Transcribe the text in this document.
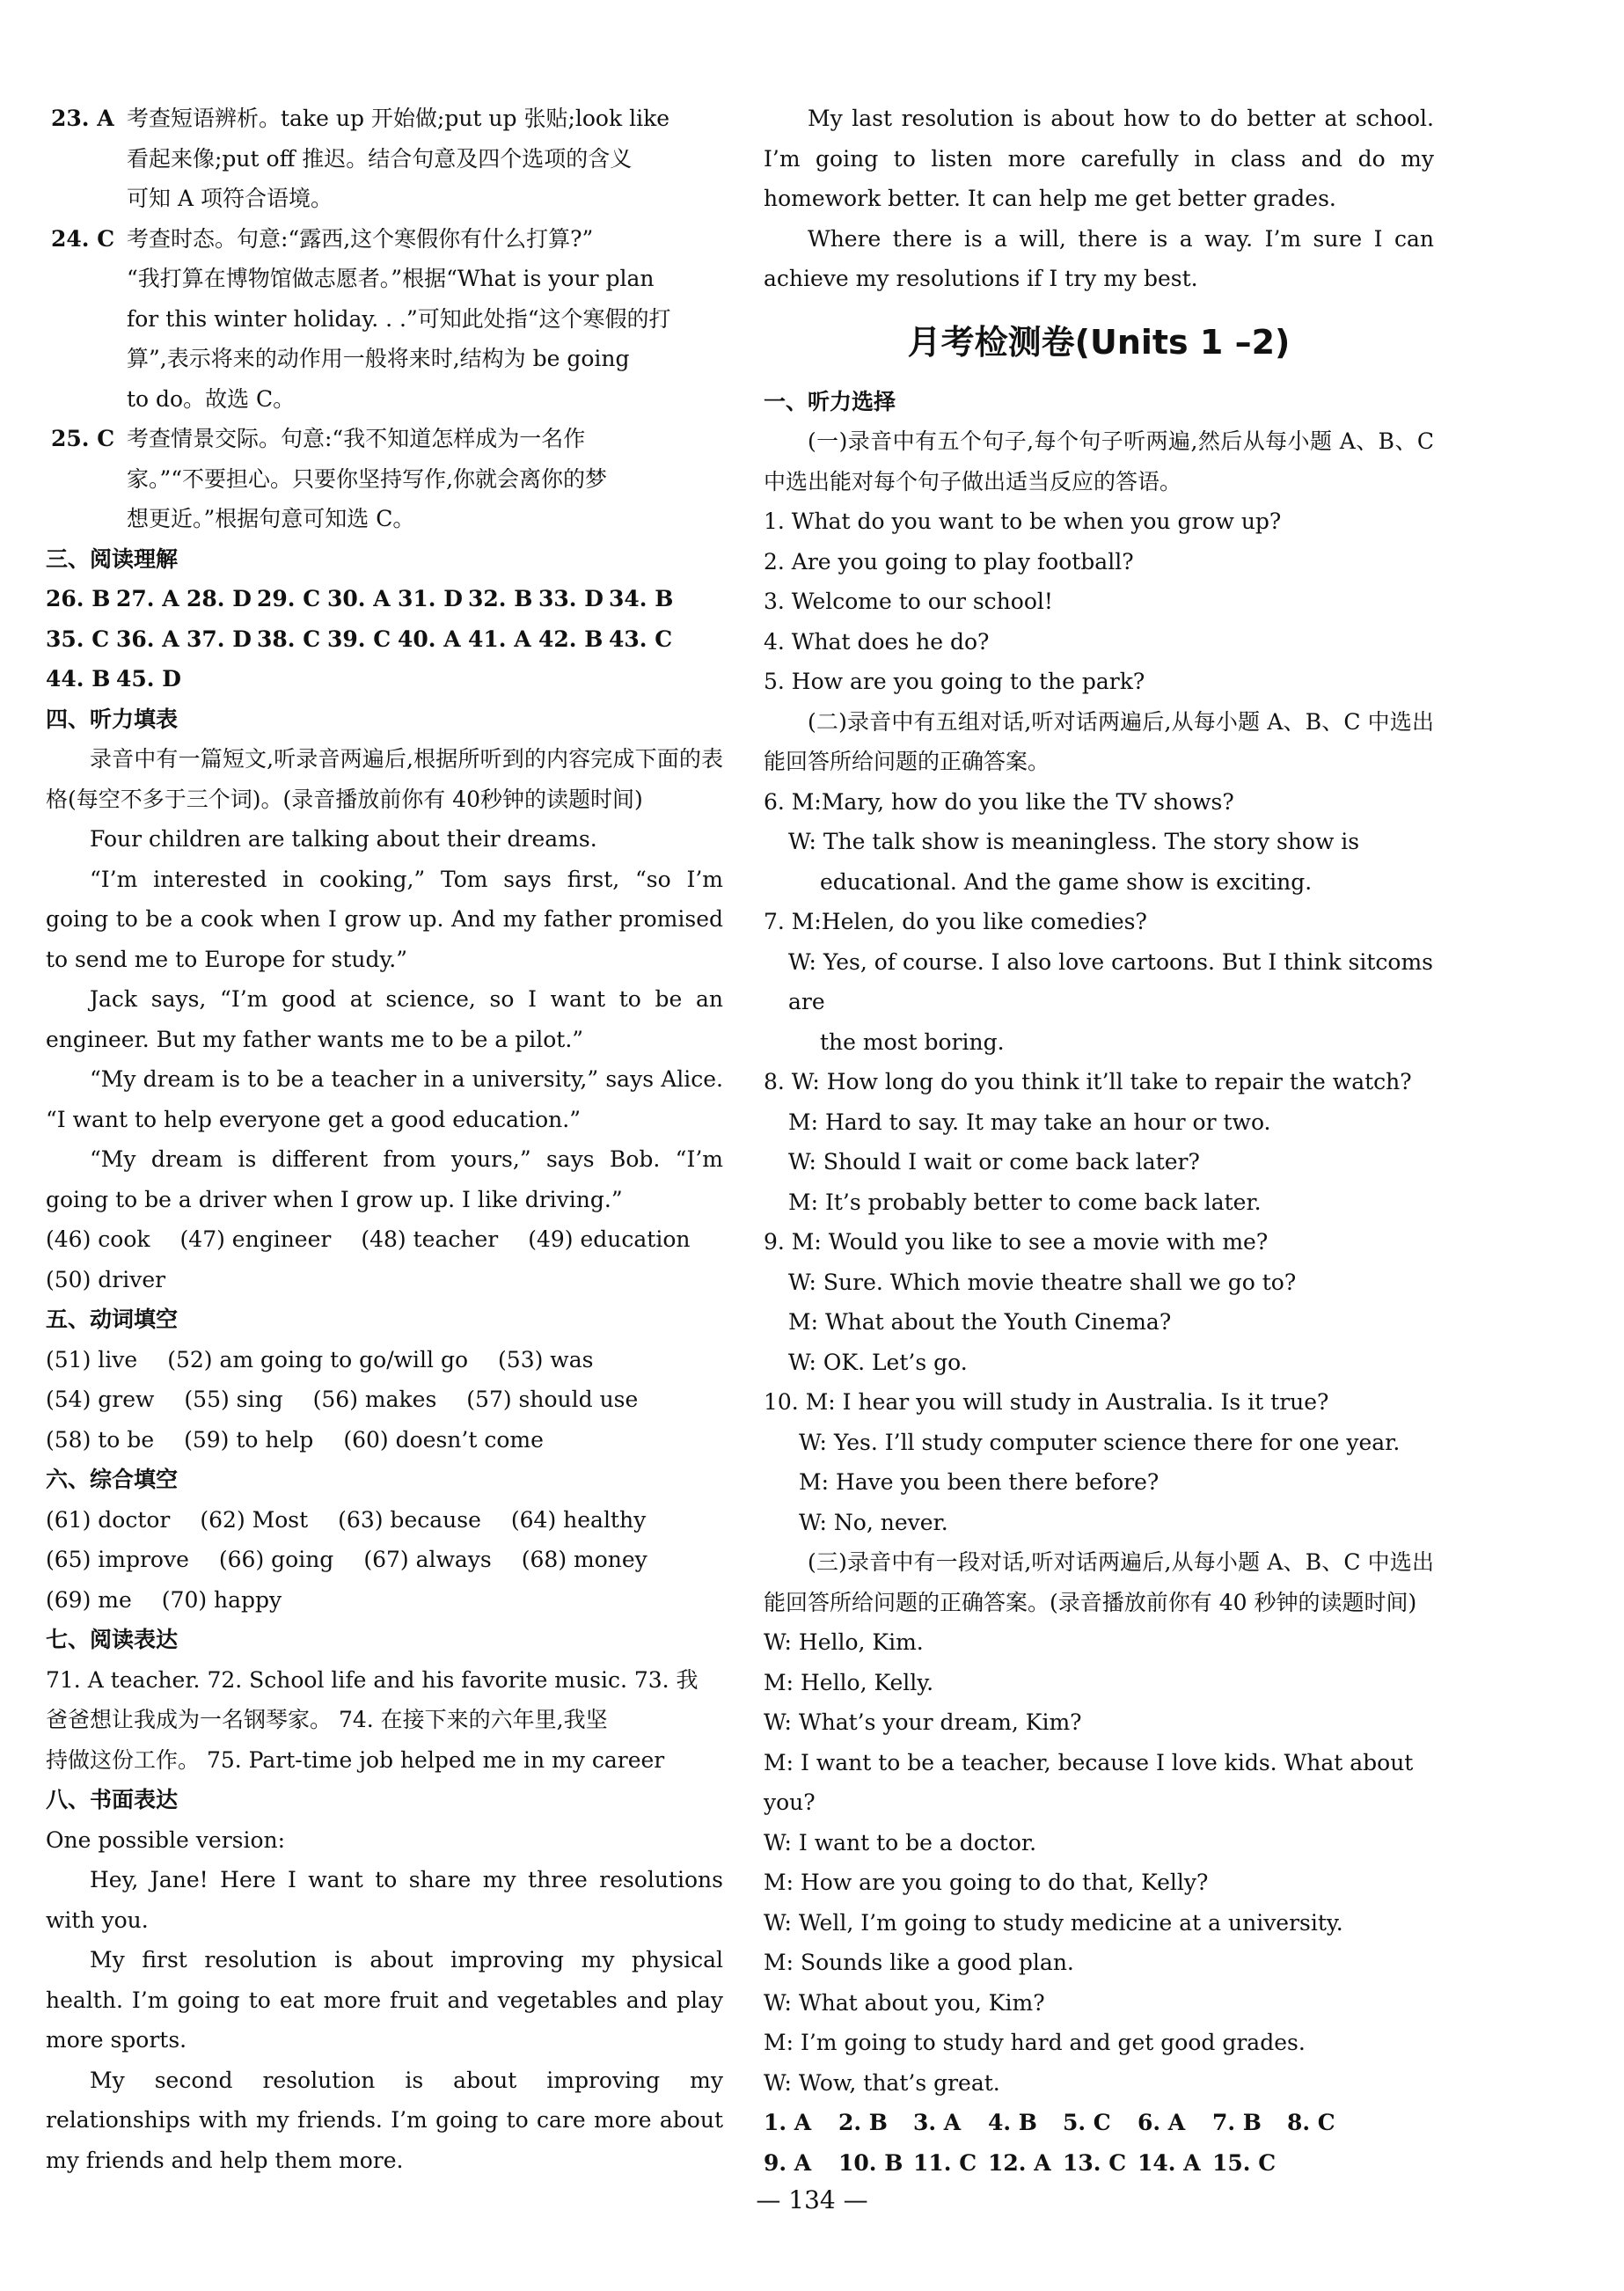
23. A 考查短语辨析。take up 开始做;put up 张贴;look like
看起来像;put off 推迟。结合句意及四个选项的含义
可知 A 项符合语境。
24. C 考查时态。句意:“露西,这个寒假你有什么打算?”
“我打算在博物馆做志愿者。”根据“What is your plan
for this winter holiday. . .”可知此处指“这个寒假的打
算”,表示将来的动作用一般将来时,结构为 be going
to do。故选 C。
25. C 考查情景交际。句意:“我不知道怎样成为一名作
家。”“不要担心。只要你坚持写作,你就会离你的梦
想更近。”根据句意可知选 C。
三、阅读理解
26. B 27. A 28. D 29. C 30. A 31. D 32. B 33. D 34. B
35. C 36. A 37. D 38. C 39. C 40. A 41. A 42. B 43. C
44. B 45. D
四、听力填表
录音中有一篇短文,听录音两遍后,根据所听到的内容完成下面的表格(每空不多于三个词)。(录音播放前你有 40秒钟的读题时间)
Four children are talking about their dreams.
“I’m interested in cooking,” Tom says first, “so I’m going to be a cook when I grow up. And my father promised to send me to Europe for study.”
Jack says, “I’m good at science, so I want to be an engineer. But my father wants me to be a pilot.”
“My dream is to be a teacher in a university,” says Alice. “I want to help everyone get a good education.”
“My dream is different from yours,” says Bob. “I’m going to be a driver when I grow up. I like driving.”
(46) cook (47) engineer (48) teacher (49) education
(50) driver
五、动词填空
(51) live (52) am going to go/will go (53) was
(54) grew (55) sing (56) makes (57) should use
(58) to be (59) to help (60) doesn’t come
六、综合填空
(61) doctor (62) Most (63) because (64) healthy
(65) improve (66) going (67) always (68) money
(69) me (70) happy
七、阅读表达
71. A teacher. 72. School life and his favorite music. 73. 我
爸爸想让我成为一名钢琴家。 74. 在接下来的六年里,我坚
持做这份工作。 75. Part-time job helped me in my career
八、书面表达
One possible version:
Hey, Jane! Here I want to share my three resolutions with you.
My first resolution is about improving my physical health. I’m going to eat more fruit and vegetables and play more sports.
My second resolution is about improving my relationships with my friends. I’m going to care more about my friends and help them more.
My last resolution is about how to do better at school. I’m going to listen more carefully in class and do my homework better. It can help me get better grades.
Where there is a will, there is a way. I’m sure I can achieve my resolutions if I try my best.
月考检测卷(Units 1 –2)
一、听力选择
(一)录音中有五个句子,每个句子听两遍,然后从每小题 A、B、C 中选出能对每个句子做出适当反应的答语。
1. What do you want to be when you grow up?
2. Are you going to play football?
3. Welcome to our school!
4. What does he do?
5. How are you going to the park?
(二)录音中有五组对话,听对话两遍后,从每小题 A、B、C 中选出能回答所给问题的正确答案。
6. M:Mary, how do you like the TV shows?
W: The talk show is meaningless. The story show is
educational. And the game show is exciting.
7. M:Helen, do you like comedies?
W: Yes, of course. I also love cartoons. But I think sitcoms are
the most boring.
8. W: How long do you think it’ll take to repair the watch?
M: Hard to say. It may take an hour or two.
W: Should I wait or come back later?
M: It’s probably better to come back later.
9. M: Would you like to see a movie with me?
W: Sure. Which movie theatre shall we go to?
M: What about the Youth Cinema?
W: OK. Let’s go.
10. M: I hear you will study in Australia. Is it true?
W: Yes. I’ll study computer science there for one year.
M: Have you been there before?
W: No, never.
(三)录音中有一段对话,听对话两遍后,从每小题 A、B、C 中选出能回答所给问题的正确答案。(录音播放前你有 40 秒钟的读题时间)
W: Hello, Kim.
M: Hello, Kelly.
W: What’s your dream, Kim?
M: I want to be a teacher, because I love kids. What about you?
W: I want to be a doctor.
M: How are you going to do that, Kelly?
W: Well, I’m going to study medicine at a university.
M: Sounds like a good plan.
W: What about you, Kim?
M: I’m going to study hard and get good grades.
W: Wow, that’s great.
1. A	2. B	3. A	4. B	5. C	6. A	7. B	8. C
9. A	10. B 11. C 12. A 13. C 14. A 15. C
— 134 —
